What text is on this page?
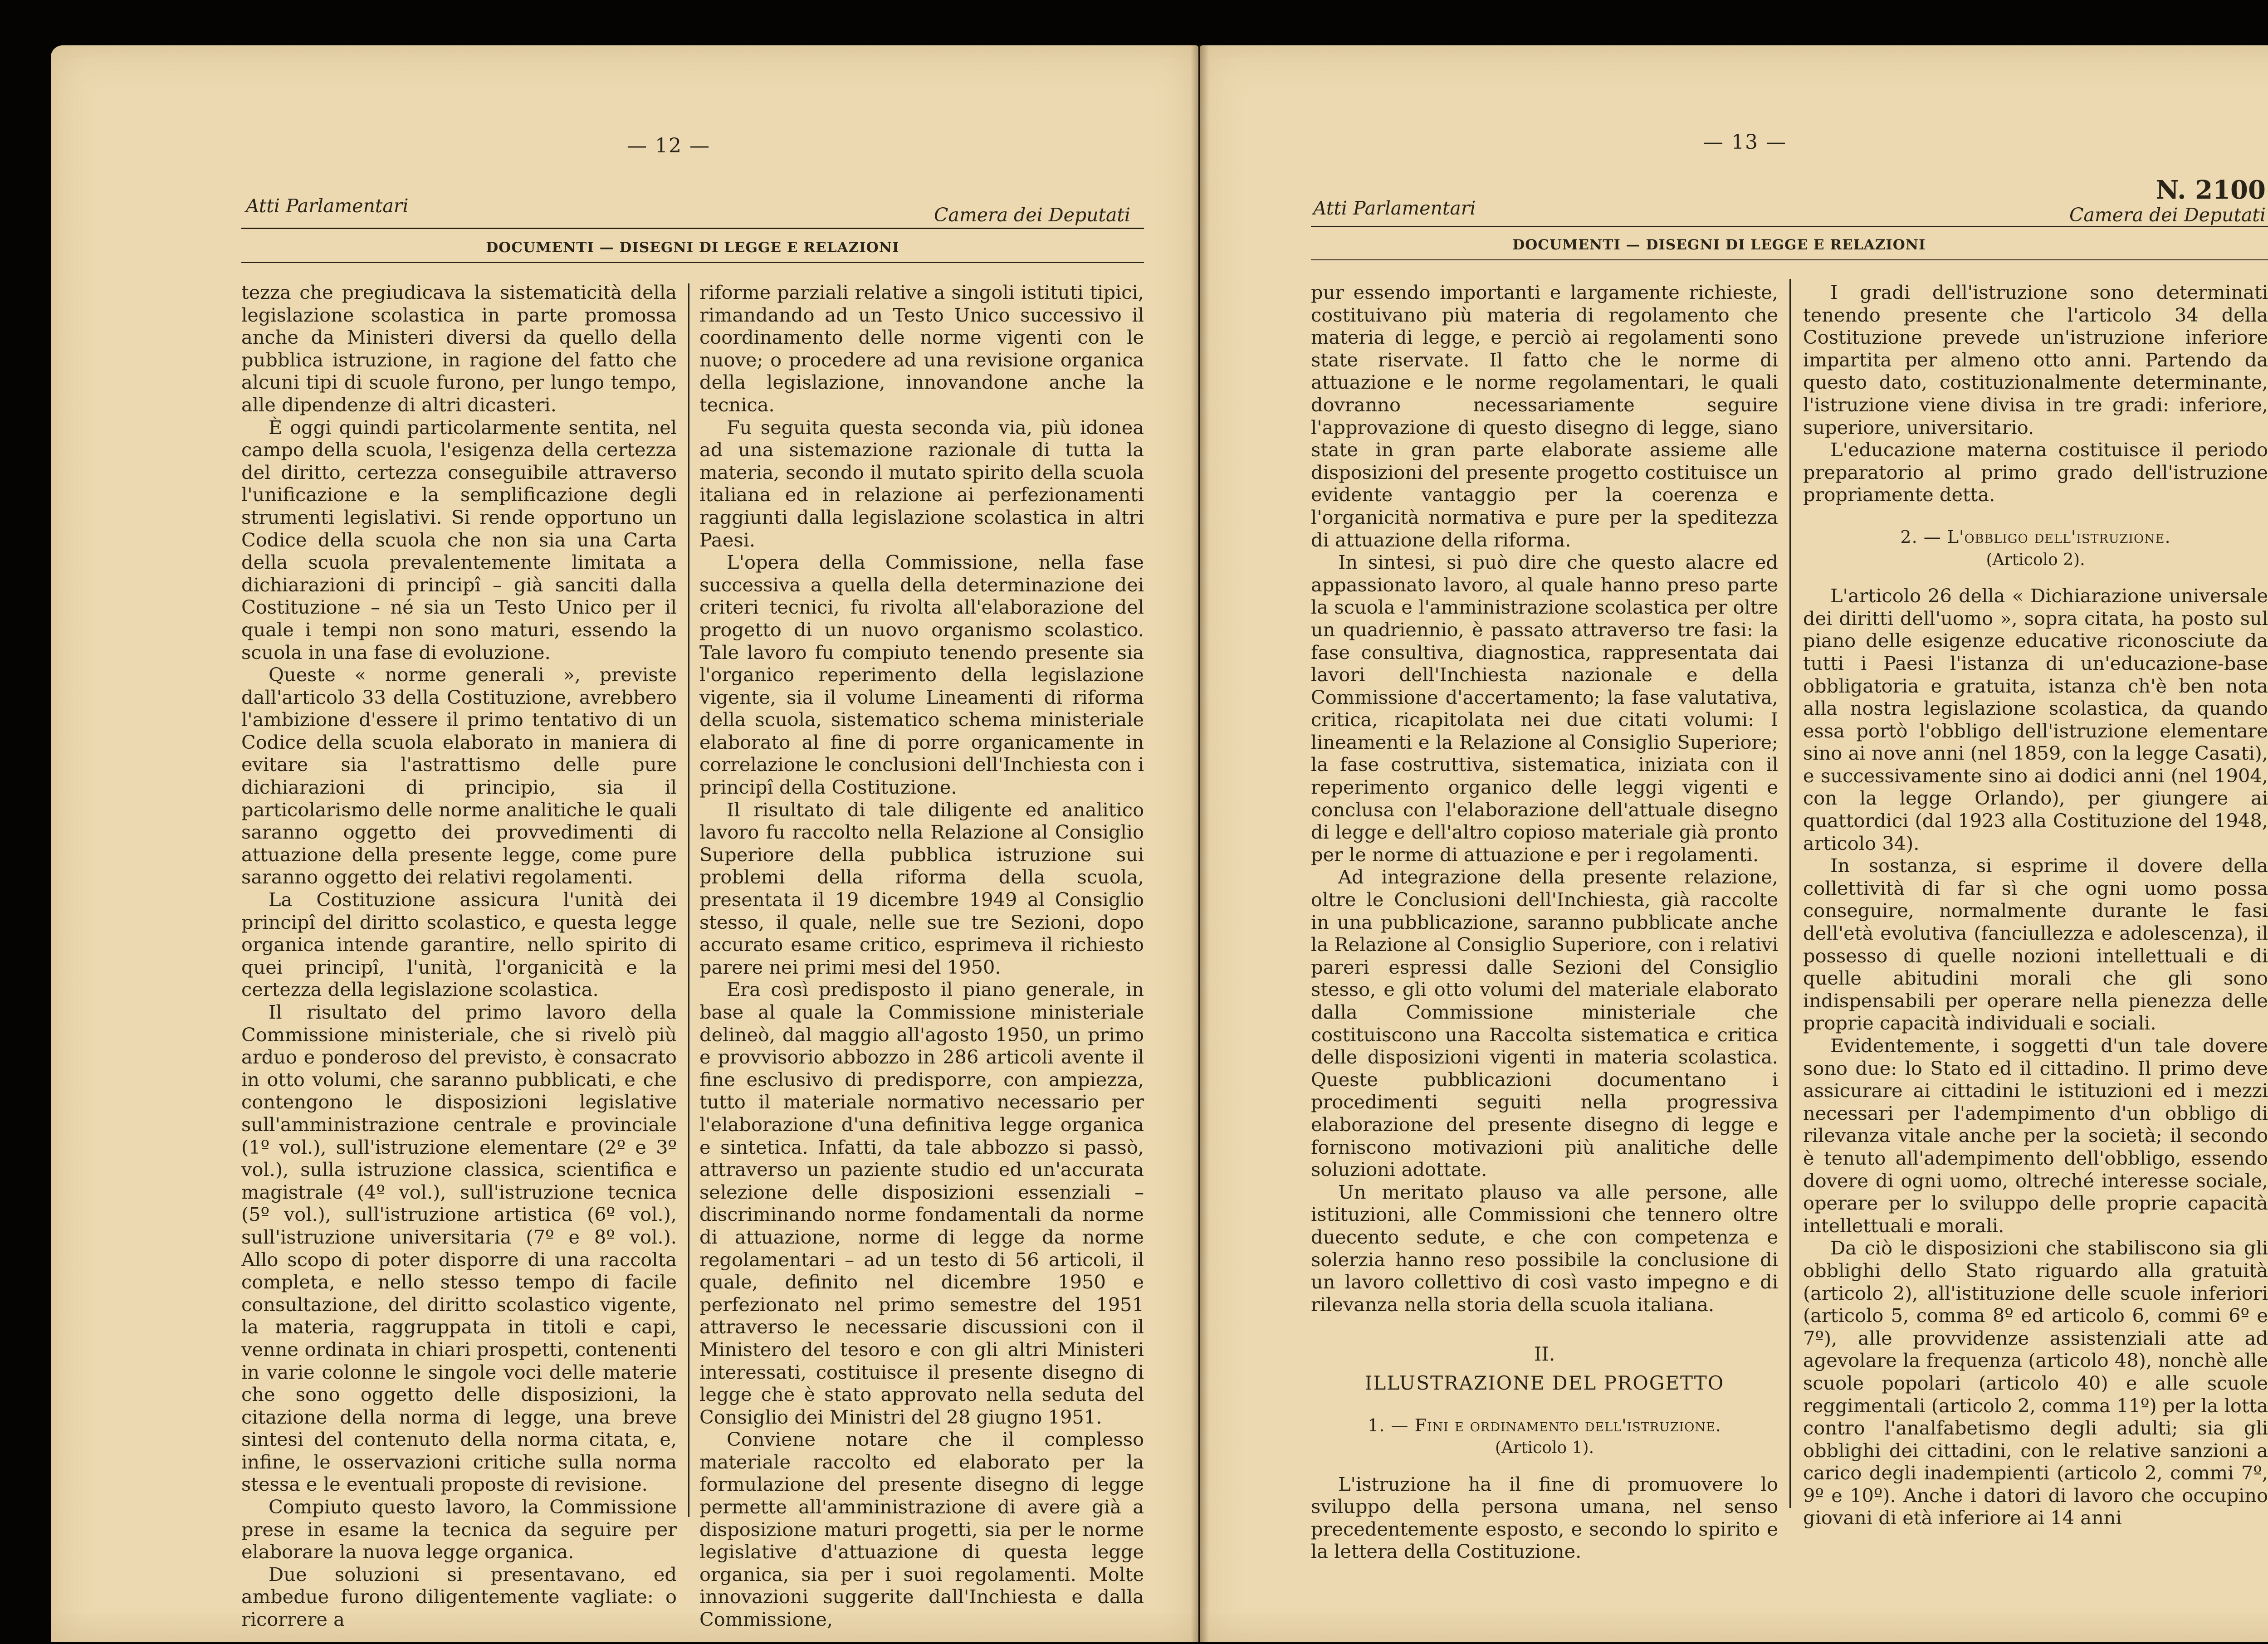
— 12 —
Atti Parlamentari	Camera dei Deputati
DOCUMENTI — DISEGNI DI LEGGE E RELAZIONI

tezza che pregiudicava la sistematicità della legislazione scolastica in parte promossa anche da Ministeri diversi da quello della pubblica istruzione, in ragione del fatto che alcuni tipi di scuole furono, per lungo tempo, alle dipendenze di altri dicasteri.

È oggi quindi particolarmente sentita, nel campo della scuola, l'esigenza della certezza del diritto, certezza conseguibile attraverso l'unificazione e la semplificazione degli strumenti legislativi. Si rende opportuno un Codice della scuola che non sia una Carta della scuola prevalentemente limitata a dichiarazioni di principî – già sanciti dalla Costituzione – né sia un Testo Unico per il quale i tempi non sono maturi, essendo la scuola in una fase di evoluzione.

Queste « norme generali », previste dall'articolo 33 della Costituzione, avrebbero l'ambizione d'essere il primo tentativo di un Codice della scuola elaborato in maniera di evitare sia l'astrattismo delle pure dichiarazioni di principio, sia il particolarismo delle norme analitiche le quali saranno oggetto dei provvedimenti di attuazione della presente legge, come pure saranno oggetto dei relativi regolamenti.

La Costituzione assicura l'unità dei principî del diritto scolastico, e questa legge organica intende garantire, nello spirito di quei principî, l'unità, l'organicità e la certezza della legislazione scolastica.

Il risultato del primo lavoro della Commissione ministeriale, che si rivelò più arduo e ponderoso del previsto, è consacrato in otto volumi, che saranno pubblicati, e che contengono le disposizioni legislative sull'amministrazione centrale e provinciale (1º vol.), sull'istruzione elementare (2º e 3º vol.), sulla istruzione classica, scientifica e magistrale (4º vol.), sull'istruzione tecnica (5º vol.), sull'istruzione artistica (6º vol.), sull'istruzione universitaria (7º e 8º vol.). Allo scopo di poter disporre di una raccolta completa, e nello stesso tempo di facile consultazione, del diritto scolastico vigente, la materia, raggruppata in titoli e capi, venne ordinata in chiari prospetti, contenenti in varie colonne le singole voci delle materie che sono oggetto delle disposizioni, la citazione della norma di legge, una breve sintesi del contenuto della norma citata, e, infine, le osservazioni critiche sulla norma stessa e le eventuali proposte di revisione.

Compiuto questo lavoro, la Commissione prese in esame la tecnica da seguire per elaborare la nuova legge organica.

Due soluzioni si presentavano, ed ambedue furono diligentemente vagliate: o ricorrere a

riforme parziali relative a singoli istituti tipici, rimandando ad un Testo Unico successivo il coordinamento delle norme vigenti con le nuove; o procedere ad una revisione organica della legislazione, innovandone anche la tecnica.

Fu seguita questa seconda via, più idonea ad una sistemazione razionale di tutta la materia, secondo il mutato spirito della scuola italiana ed in relazione ai perfezionamenti raggiunti dalla legislazione scolastica in altri Paesi.

L'opera della Commissione, nella fase successiva a quella della determinazione dei criteri tecnici, fu rivolta all'elaborazione del progetto di un nuovo organismo scolastico. Tale lavoro fu compiuto tenendo presente sia l'organico reperimento della legislazione vigente, sia il volume Lineamenti di riforma della scuola, sistematico schema ministeriale elaborato al fine di porre organicamente in correlazione le conclusioni dell'Inchiesta con i principî della Costituzione.

Il risultato di tale diligente ed analitico lavoro fu raccolto nella Relazione al Consiglio Superiore della pubblica istruzione sui problemi della riforma della scuola, presentata il 19 dicembre 1949 al Consiglio stesso, il quale, nelle sue tre Sezioni, dopo accurato esame critico, esprimeva il richiesto parere nei primi mesi del 1950.

Era così predisposto il piano generale, in base al quale la Commissione ministeriale delineò, dal maggio all'agosto 1950, un primo e provvisorio abbozzo in 286 articoli avente il fine esclusivo di predisporre, con ampiezza, tutto il materiale normativo necessario per l'elaborazione d'una definitiva legge organica e sintetica. Infatti, da tale abbozzo si passò, attraverso un paziente studio ed un'accurata selezione delle disposizioni essenziali – discriminando norme fondamentali da norme di attuazione, norme di legge da norme regolamentari – ad un testo di 56 articoli, il quale, definito nel dicembre 1950 e perfezionato nel primo semestre del 1951 attraverso le necessarie discussioni con il Ministero del tesoro e con gli altri Ministeri interessati, costituisce il presente disegno di legge che è stato approvato nella seduta del Consiglio dei Ministri del 28 giugno 1951.

Conviene notare che il complesso materiale raccolto ed elaborato per la formulazione del presente disegno di legge permette all'amministrazione di avere già a disposizione maturi progetti, sia per le norme legislative d'attuazione di questa legge organica, sia per i suoi regolamenti. Molte innovazioni suggerite dall'Inchiesta e dalla Commissione,

— 13 —
N. 2100
Atti Parlamentari	Camera dei Deputati
DOCUMENTI — DISEGNI DI LEGGE E RELAZIONI

pur essendo importanti e largamente richieste, costituivano più materia di regolamento che materia di legge, e perciò ai regolamenti sono state riservate. Il fatto che le norme di attuazione e le norme regolamentari, le quali dovranno necessariamente seguire l'approvazione di questo disegno di legge, siano state in gran parte elaborate assieme alle disposizioni del presente progetto costituisce un evidente vantaggio per la coerenza e l'organicità normativa e pure per la speditezza di attuazione della riforma.

In sintesi, si può dire che questo alacre ed appassionato lavoro, al quale hanno preso parte la scuola e l'amministrazione scolastica per oltre un quadriennio, è passato attraverso tre fasi: la fase consultiva, diagnostica, rappresentata dai lavori dell'Inchiesta nazionale e della Commissione d'accertamento; la fase valutativa, critica, ricapitolata nei due citati volumi: I lineamenti e la Relazione al Consiglio Superiore; la fase costruttiva, sistematica, iniziata con il reperimento organico delle leggi vigenti e conclusa con l'elaborazione dell'attuale disegno di legge e dell'altro copioso materiale già pronto per le norme di attuazione e per i regolamenti.

Ad integrazione della presente relazione, oltre le Conclusioni dell'Inchiesta, già raccolte in una pubblicazione, saranno pubblicate anche la Relazione al Consiglio Superiore, con i relativi pareri espressi dalle Sezioni del Consiglio stesso, e gli otto volumi del materiale elaborato dalla Commissione ministeriale che costituiscono una Raccolta sistematica e critica delle disposizioni vigenti in materia scolastica. Queste pubblicazioni documentano i procedimenti seguiti nella progressiva elaborazione del presente disegno di legge e forniscono motivazioni più analitiche delle soluzioni adottate.

Un meritato plauso va alle persone, alle istituzioni, alle Commissioni che tennero oltre duecento sedute, e che con competenza e solerzia hanno reso possibile la conclusione di un lavoro collettivo di così vasto impegno e di rilevanza nella storia della scuola italiana.

II.
ILLUSTRAZIONE DEL PROGETTO
1. — Fini e ordinamento dell'istruzione.
(Articolo 1).

L'istruzione ha il fine di promuovere lo sviluppo della persona umana, nel senso precedentemente esposto, e secondo lo spirito e la lettera della Costituzione.

I gradi dell'istruzione sono determinati tenendo presente che l'articolo 34 della Costituzione prevede un'istruzione inferiore impartita per almeno otto anni. Partendo da questo dato, costituzionalmente determinante, l'istruzione viene divisa in tre gradi: inferiore, superiore, universitario.

L'educazione materna costituisce il periodo preparatorio al primo grado dell'istruzione propriamente detta.

2. — L'obbligo dell'istruzione.
(Articolo 2).

L'articolo 26 della « Dichiarazione universale dei diritti dell'uomo », sopra citata, ha posto sul piano delle esigenze educative riconosciute da tutti i Paesi l'istanza di un'educazione-base obbligatoria e gratuita, istanza ch'è ben nota alla nostra legislazione scolastica, da quando essa portò l'obbligo dell'istruzione elementare sino ai nove anni (nel 1859, con la legge Casati), e successivamente sino ai dodici anni (nel 1904, con la legge Orlando), per giungere ai quattordici (dal 1923 alla Costituzione del 1948, articolo 34).

In sostanza, si esprime il dovere della collettività di far sì che ogni uomo possa conseguire, normalmente durante le fasi dell'età evolutiva (fanciullezza e adolescenza), il possesso di quelle nozioni intellettuali e di quelle abitudini morali che gli sono indispensabili per operare nella pienezza delle proprie capacità individuali e sociali.

Evidentemente, i soggetti d'un tale dovere sono due: lo Stato ed il cittadino. Il primo deve assicurare ai cittadini le istituzioni ed i mezzi necessari per l'adempimento d'un obbligo di rilevanza vitale anche per la società; il secondo è tenuto all'adempimento dell'obbligo, essendo dovere di ogni uomo, oltreché interesse sociale, operare per lo sviluppo delle proprie capacità intellettuali e morali.

Da ciò le disposizioni che stabiliscono sia gli obblighi dello Stato riguardo alla gratuità (articolo 2), all'istituzione delle scuole inferiori (articolo 5, comma 8º ed articolo 6, commi 6º e 7º), alle provvidenze assistenziali atte ad agevolare la frequenza (articolo 48), nonchè alle scuole popolari (articolo 40) e alle scuole reggimentali (articolo 2, comma 11º) per la lotta contro l'analfabetismo degli adulti; sia gli obblighi dei cittadini, con le relative sanzioni a carico degli inadempienti (articolo 2, commi 7º, 9º e 10º). Anche i datori di lavoro che occupino giovani di età inferiore ai 14 anni
